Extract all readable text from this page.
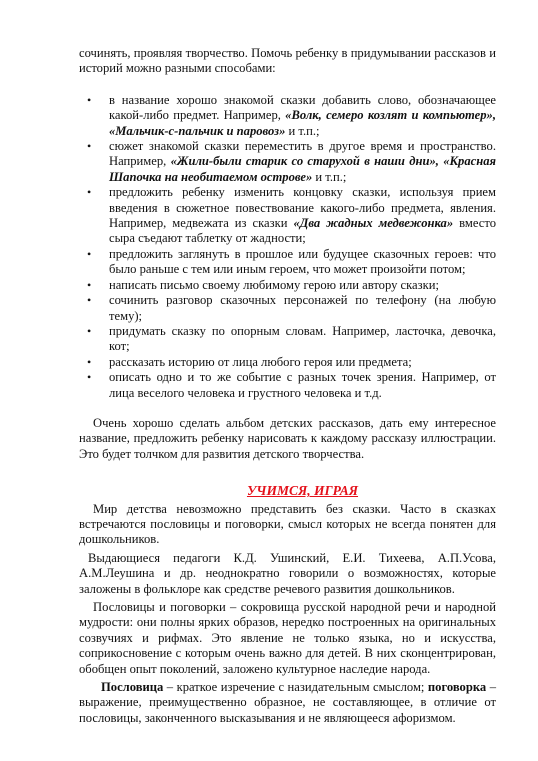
сочинять, проявляя творчество. Помочь ребенку в придумывании рассказов и историй можно разными способами:

• в название хорошо знакомой сказки добавить слово, обозначающее какой-либо предмет. Например, «Волк, семеро козлят и компьютер», «Мальчик-с-пальчик и паровоз» и т.п.;
• сюжет знакомой сказки переместить в другое время и пространство. Например, «Жили-были старик со старухой в наши дни», «Красная Шапочка на необитаемом острове» и т.п.;
• предложить ребенку изменить концовку сказки, используя прием введения в сюжетное повествование какого-либо предмета, явления. Например, медвежата из сказки «Два жадных медвежонка» вместо сыра съедают таблетку от жадности;
• предложить заглянуть в прошлое или будущее сказочных героев: что было раньше с тем или иным героем, что может произойти потом;
• написать письмо своему любимому герою или автору сказки;
• сочинить разговор сказочных персонажей по телефону (на любую тему);
• придумать сказку по опорным словам. Например, ласточка, девочка, кот;
• рассказать историю от лица любого героя или предмета;
• описать одно и то же событие с разных точек зрения. Например, от лица веселого человека и грустного человека и т.д.

Очень хорошо сделать альбом детских рассказов, дать ему интересное название, предложить ребенку нарисовать к каждому рассказу иллюстрации. Это будет толчком для развития детского творчества.

УЧИМСЯ, ИГРАЯ

Мир детства невозможно представить без сказки. Часто в сказках встречаются пословицы и поговорки, смысл которых не всегда понятен для дошкольников.

Выдающиеся педагоги К.Д. Ушинский, Е.И. Тихеева, А.П.Усова, А.М.Леушина и др. неоднократно говорили о возможностях, которые заложены в фольклоре как средстве речевого развития дошкольников.

Пословицы и поговорки – сокровища русской народной речи и народной мудрости: они полны ярких образов, нередко построенных на оригинальных созвучиях и рифмах. Это явление не только языка, но и искусства, соприкосновение с которым очень важно для детей. В них сконцентрирован, обобщен опыт поколений, заложено культурное наследие народа.

Пословица – краткое изречение с назидательным смыслом; поговорка – выражение, преимущественно образное, не составляющее, в отличие от пословицы, законченного высказывания и не являющееся афоризмом.
